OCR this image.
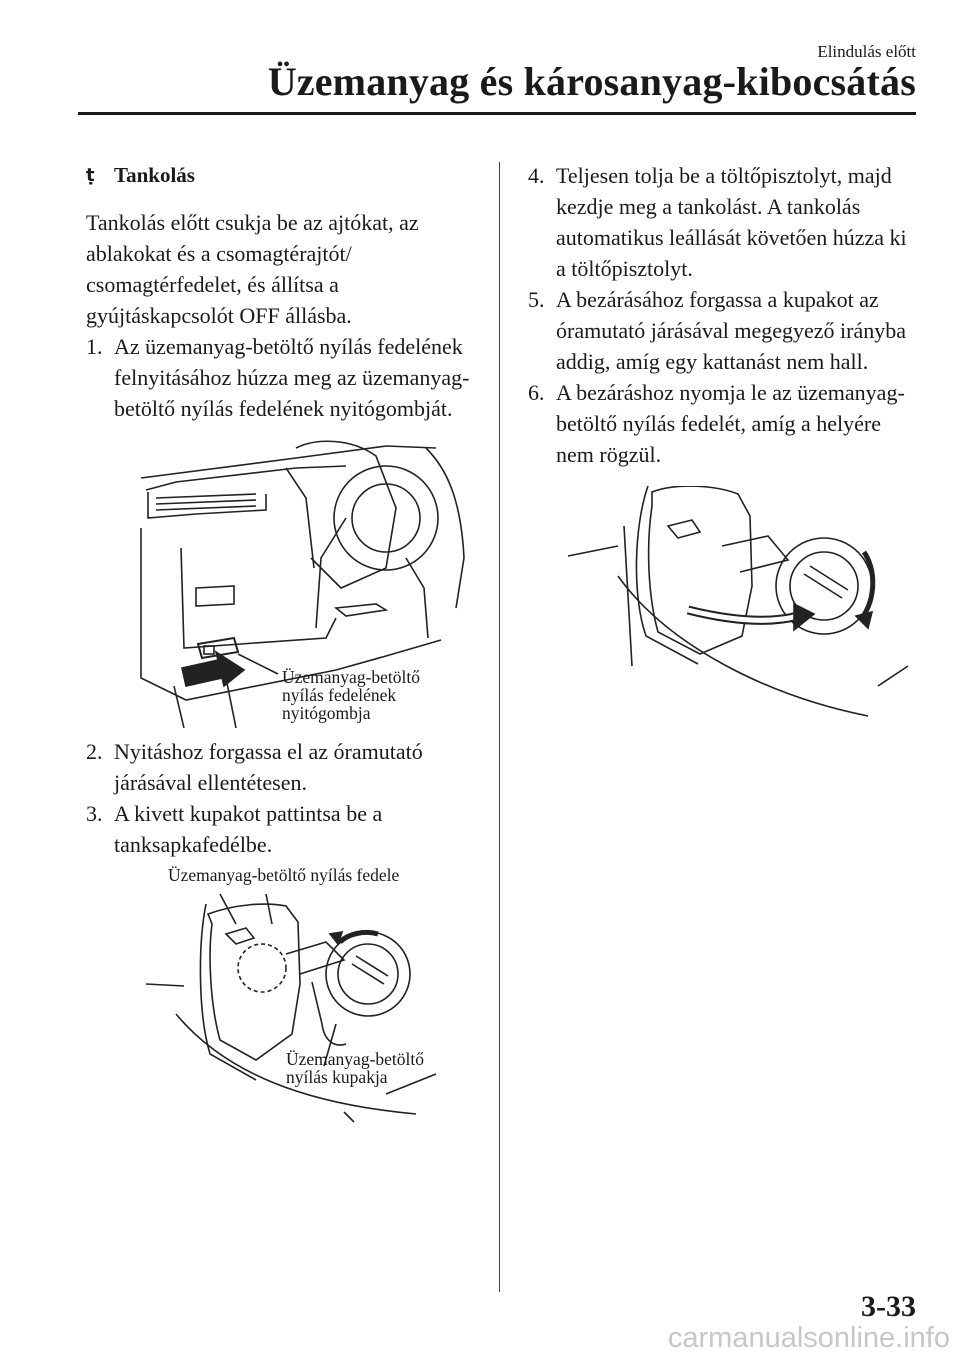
Elindulás előtt
Üzemanyag és károsanyag-kibocsátás
ṭ Tankolás

Tankolás előtt csukja be az ajtókat, az ablakokat és a csomagtérajtót/ csomagtérfedelet, és állítsa a gyújtáskapcsolót OFF állásba.

1. Az üzemanyag-betöltő nyílás fedelének felnyitásához húzza meg az üzemanyag-betöltő nyílás fedelének nyitógombját.
Üzemanyag-betöltő
nyílás fedelének
nyitógombja
2. Nyitáshoz forgassa el az óramutató járásával ellentétesen.
3. A kivett kupakot pattintsa be a tanksapkafedélbe.
Üzemanyag-betöltő nyílás fedele
Üzemanyag-betöltő
nyílás kupakja
4. Teljesen tolja be a töltőpisztolyt, majd kezdje meg a tankolást. A tankolás automatikus leállását követően húzza ki a töltőpisztolyt.
5. A bezárásához forgassa a kupakot az óramutató járásával megegyező irányba addig, amíg egy kattanást nem hall.
6. A bezáráshoz nyomja le az üzemanyag-betöltő nyílás fedelét, amíg a helyére nem rögzül.
3-33
carmanualsonline.info
